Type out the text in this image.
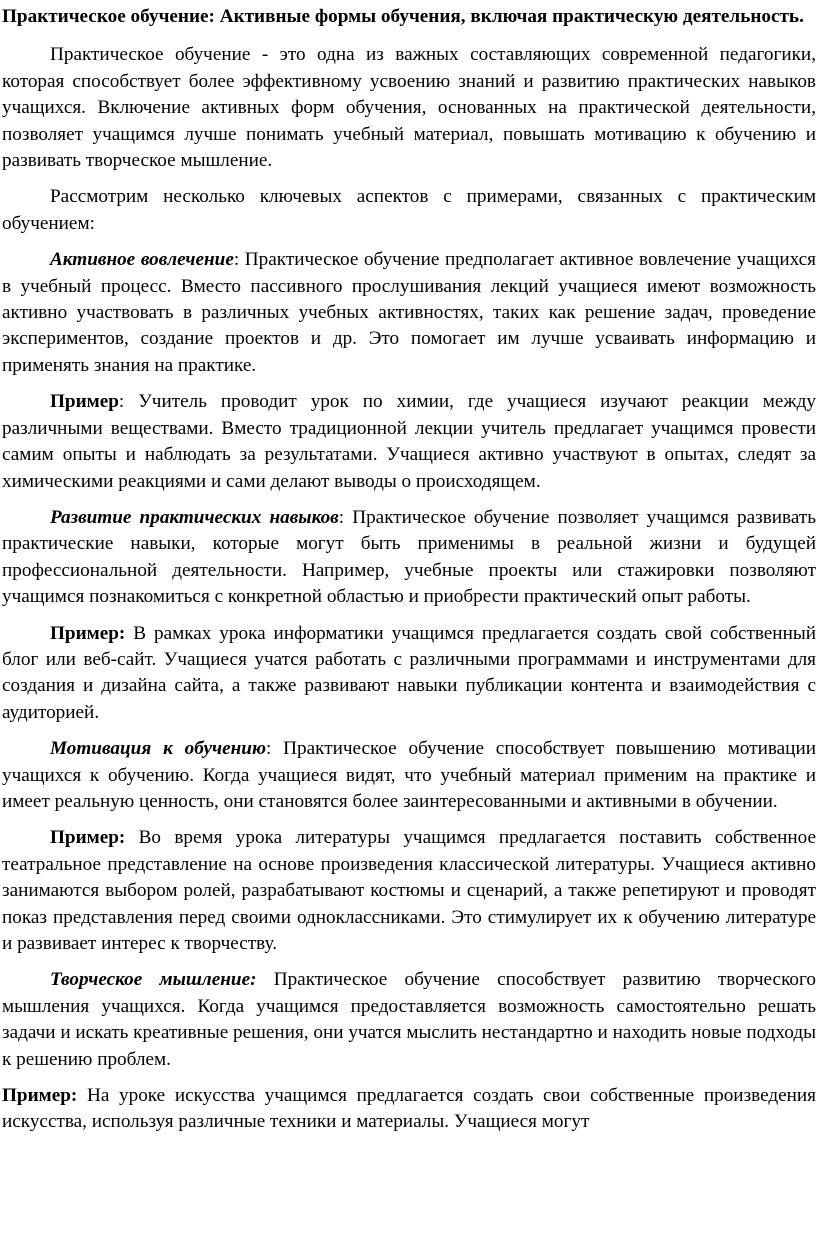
Практическое обучение: Активные формы обучения, включая практическую деятельность.

Практическое обучение - это одна из важных составляющих современной педагогики, которая способствует более эффективному усвоению знаний и развитию практических навыков учащихся. Включение активных форм обучения, основанных на практической деятельности, позволяет учащимся лучше понимать учебный материал, повышать мотивацию к обучению и развивать творческое мышление.

Рассмотрим несколько ключевых аспектов с примерами, связанных с практическим обучением:

Активное вовлечение: Практическое обучение предполагает активное вовлечение учащихся в учебный процесс. Вместо пассивного прослушивания лекций учащиеся имеют возможность активно участвовать в различных учебных активностях, таких как решение задач, проведение экспериментов, создание проектов и др. Это помогает им лучше усваивать информацию и применять знания на практике.

Пример: Учитель проводит урок по химии, где учащиеся изучают реакции между различными веществами. Вместо традиционной лекции учитель предлагает учащимся провести самим опыты и наблюдать за результатами. Учащиеся активно участвуют в опытах, следят за химическими реакциями и сами делают выводы о происходящем.

Развитие практических навыков: Практическое обучение позволяет учащимся развивать практические навыки, которые могут быть применимы в реальной жизни и будущей профессиональной деятельности. Например, учебные проекты или стажировки позволяют учащимся познакомиться с конкретной областью и приобрести практический опыт работы.

Пример: В рамках урока информатики учащимся предлагается создать свой собственный блог или веб-сайт. Учащиеся учатся работать с различными программами и инструментами для создания и дизайна сайта, а также развивают навыки публикации контента и взаимодействия с аудиторией.

Мотивация к обучению: Практическое обучение способствует повышению мотивации учащихся к обучению. Когда учащиеся видят, что учебный материал применим на практике и имеет реальную ценность, они становятся более заинтересованными и активными в обучении.

Пример: Во время урока литературы учащимся предлагается поставить собственное театральное представление на основе произведения классической литературы. Учащиеся активно занимаются выбором ролей, разрабатывают костюмы и сценарий, а также репетируют и проводят показ представления перед своими одноклассниками. Это стимулирует их к обучению литературе и развивает интерес к творчеству.

Творческое мышление: Практическое обучение способствует развитию творческого мышления учащихся. Когда учащимся предоставляется возможность самостоятельно решать задачи и искать креативные решения, они учатся мыслить нестандартно и находить новые подходы к решению проблем.

Пример: На уроке искусства учащимся предлагается создать свои собственные произведения искусства, используя различные техники и материалы. Учащиеся могут
